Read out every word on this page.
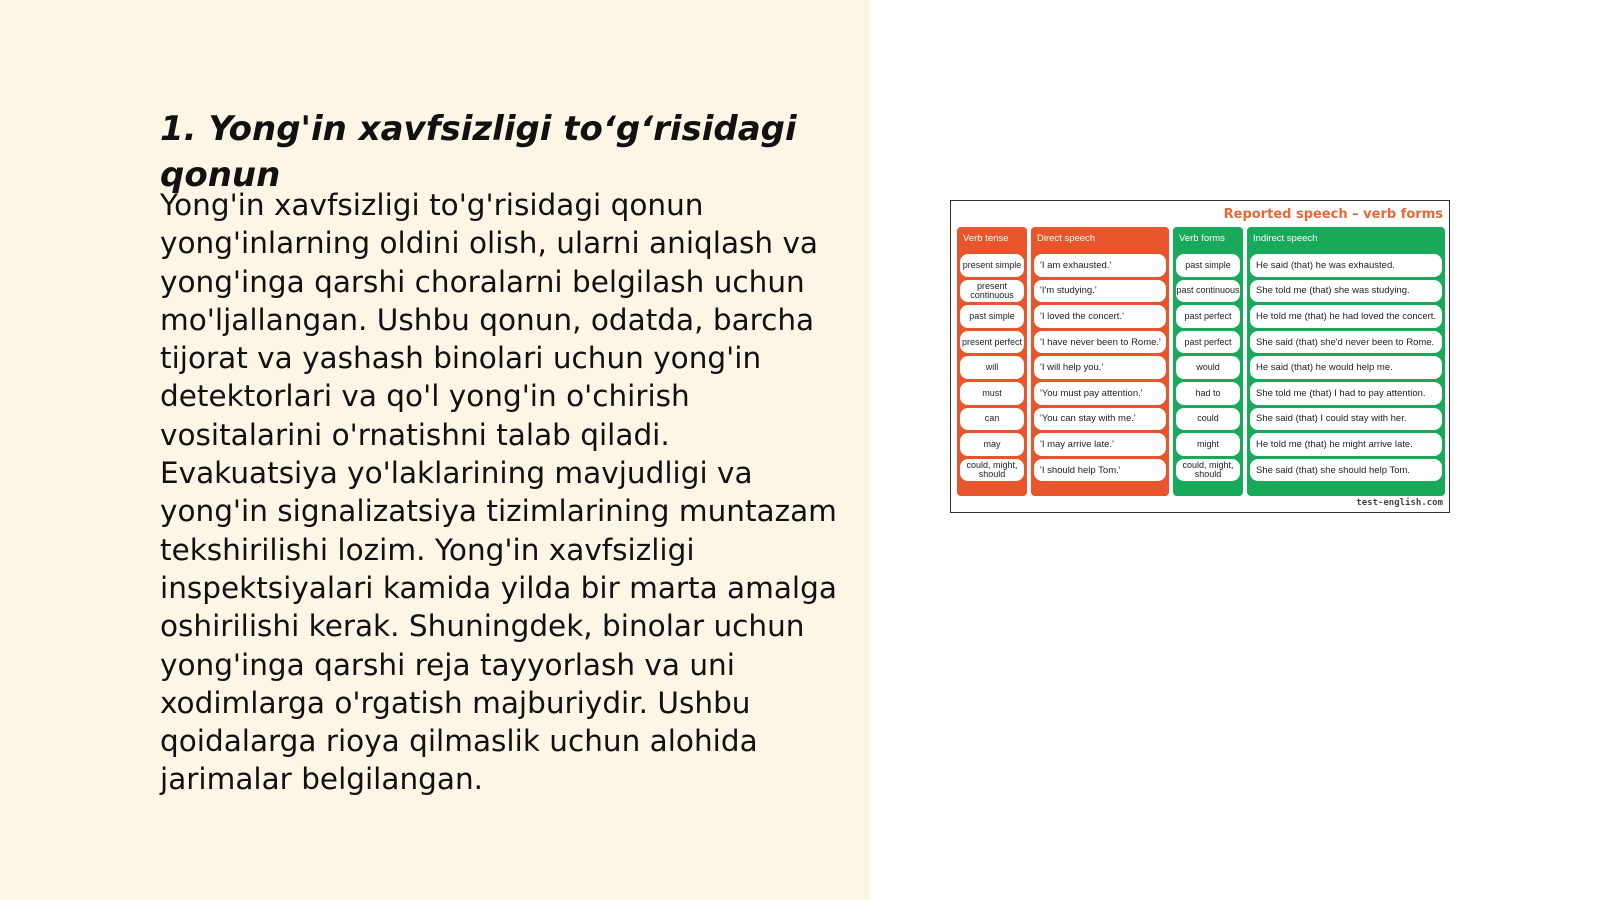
1. Yong'in xavfsizligi to‘g‘risidagi qonun
Yong'in xavfsizligi to'g'risidagi qonun yong'inlarning oldini olish, ularni aniqlash va yong'inga qarshi choralarni belgilash uchun mo'ljallangan. Ushbu qonun, odatda, barcha tijorat va yashash binolari uchun yong'in detektorlari va qo'l yong'in o'chirish vositalarini o'rnatishni talab qiladi. Evakuatsiya yo'laklarining mavjudligi va yong'in signalizatsiya tizimlarining muntazam tekshirilishi lozim. Yong'in xavfsizligi inspektsiyalari kamida yilda bir marta amalga oshirilishi kerak. Shuningdek, binolar uchun yong'inga qarshi reja tayyorlash va uni xodimlarga o'rgatish majburiydir. Ushbu qoidalarga rioya qilmaslik uchun alohida jarimalar belgilangan.
Reported speech – verb forms
Verb tense
present simple
present continuous
past simple
present perfect
will
must
can
may
could, might, should
Direct speech
'I am exhausted.'
'I'm studying.'
'I loved the concert.'
'I have never been to Rome.'
'I will help you.'
'You must pay attention.'
'You can stay with me.'
'I may arrive late.'
'I should help Tom.'
Verb forms
past simple
past continuous
past perfect
past perfect
would
had to
could
might
could, might, should
Indirect speech
He said (that) he was exhausted.
She told me (that) she was studying.
He told me (that) he had loved the concert.
She said (that) she'd never been to Rome.
He said (that) he would help me.
She told me (that) I had to pay attention.
She said (that) I could stay with her.
He told me (that) he might arrive late.
She said (that) she should help Tom.
test-english.com
